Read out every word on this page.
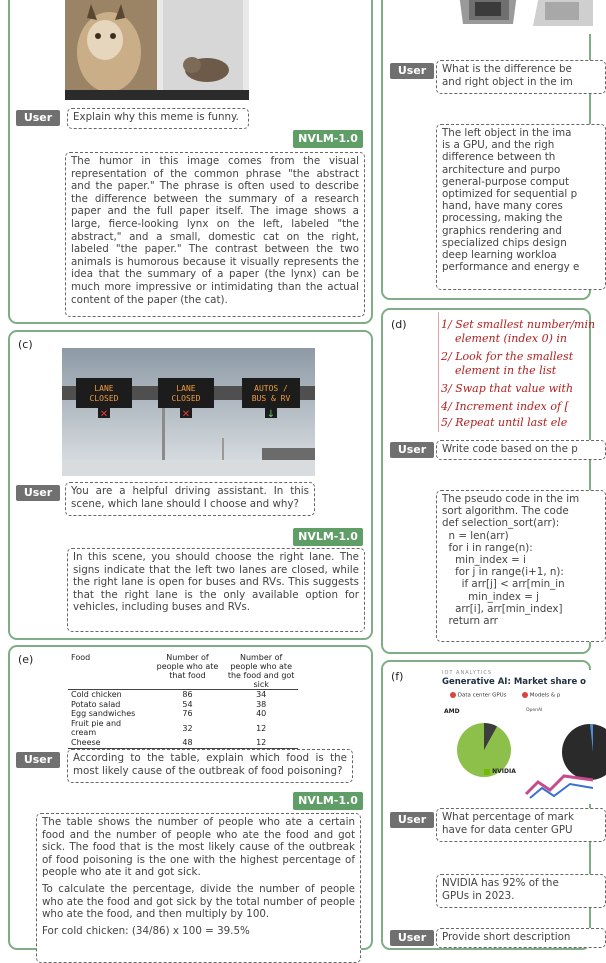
User	Explain why this meme is funny.
NVLM-1.0
The humor in this image comes from the visual representation of the common phrase "the abstract and the paper." The phrase is often used to describe the difference between the summary of a research paper and the full paper itself. The image shows a large, fierce-looking lynx on the left, labeled "the abstract," and a small, domestic cat on the right, labeled "the paper." The contrast between the two animals is humorous because it visually represents the idea that the summary of a paper (the lynx) can be much more impressive or intimidating than the actual content of the paper (the cat).
(c)
LANE
CLOSED
LANE
CLOSED
AUTOS /
BUS & RV
✕	✕	↓
User	You are a helpful driving assistant. In this scene, which lane should I choose and why?
NVLM-1.0
In this scene, you should choose the right lane. The signs indicate that the left two lanes are closed, while the right lane is open for buses and RVs. This suggests that the right lane is the only available option for vehicles, including buses and RVs.
(e)	Food	Number of people who ate that food	Number of people who ate the food and got sick
Cold chicken	86	34
Potato salad	54	38
Egg sandwiches	76	40
Fruit pie and cream	32	12
Cheese	48	12
User	According to the table, explain which food is the most likely cause of the outbreak of food poisoning?
NVLM-1.0

The table shows the number of people who ate a certain food and the number of people who ate the food and got sick. The food that is the most likely cause of the outbreak of food poisoning is the one with the highest percentage of people who ate it and got sick.

To calculate the percentage, divide the number of people who ate the food and got sick by the total number of people who ate the food, and then multiply by 100.

For cold chicken: (34/86) x 100 = 39.5%

User	What is the difference be
and right object in the im
The left object in the ima
is a GPU, and the righ
difference between th
architecture and purpo
general-purpose comput
optimized for sequential p
hand, have many cores
processing, making the
graphics rendering and
specialized chips design
deep learning workloa
performance and energy e
(d)	1/ Set smallest number/min
element (index 0) in
2/ Look for the smallest
element in the list
3/ Swap that value with
4/ Increment index of [
5/ Repeat until last ele
User	Write code based on the p
The pseudo code in the im
sort algorithm. The code
def selection_sort(arr):
n = len(arr)
for i in range(n):
min_index = i
for j in range(i+1, n):
if arr[j] < arr[min_in
min_index = j
arr[i], arr[min_index]
return arr
(f)	IOT ANALYTICS
Generative AI: Market share o
Data center GPUs	Models & p
AMD	OpenAI
NVIDIA
User	What percentage of mark
have for data center GPU
NVIDIA has 92% of the
GPUs in 2023.
User	Provide short description
